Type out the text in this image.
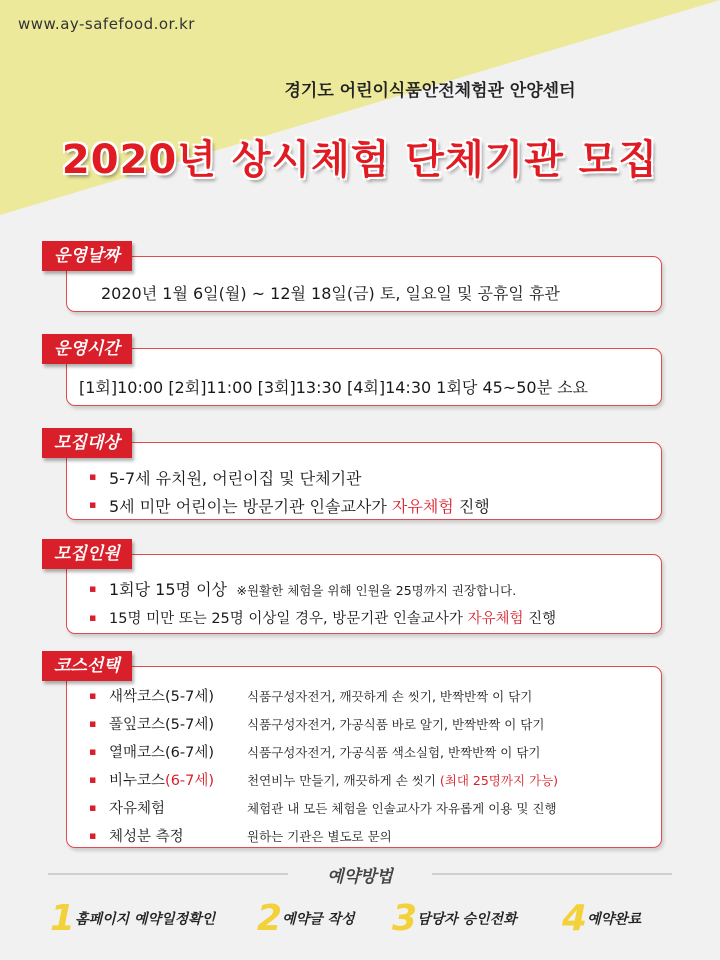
www.ay-safefood.or.kr
경기도 어린이식품안전체험관 안양센터
2020년 상시체험 단체기관 모집
2020년 1월 6일(월) ~ 12월 18일(금) 토, 일요일 및 공휴일 휴관
운영날짜
[1회]10:00 [2회]11:00 [3회]13:30 [4회]14:30 1회당 45~50분 소요
운영시간
▪ 5-7세 유치원, 어린이집 및 단체기관
▪ 5세 미만 어린이는 방문기관 인솔교사가 자유체험 진행
모집대상
▪ 1회당 15명 이상 ※원활한 체험을 위해 인원을 25명까지 권장합니다.
▪ 15명 미만 또는 25명 이상일 경우, 방문기관 인솔교사가 자유체험 진행
모집인원
▪ 새싹코스(5-7세)	식품구성자전거, 깨끗하게 손 씻기, 반짝반짝 이 닦기
▪ 풀잎코스(5-7세)	식품구성자전거, 가공식품 바로 알기, 반짝반짝 이 닦기
▪ 열매코스(6-7세)	식품구성자전거, 가공식품 색소실험, 반짝반짝 이 닦기
▪ 비누코스(6-7세)	천연비누 만들기, 깨끗하게 손 씻기 (최대 25명까지 가능)
▪ 자유체험	체험관 내 모든 체험을 인솔교사가 자유롭게 이용 및 진행
▪ 체성분 측정	원하는 기관은 별도로 문의
코스선택
예약방법
1홈페이지 예약일정확인 2예약글 작성 3담당자 승인전화 4예약완료
